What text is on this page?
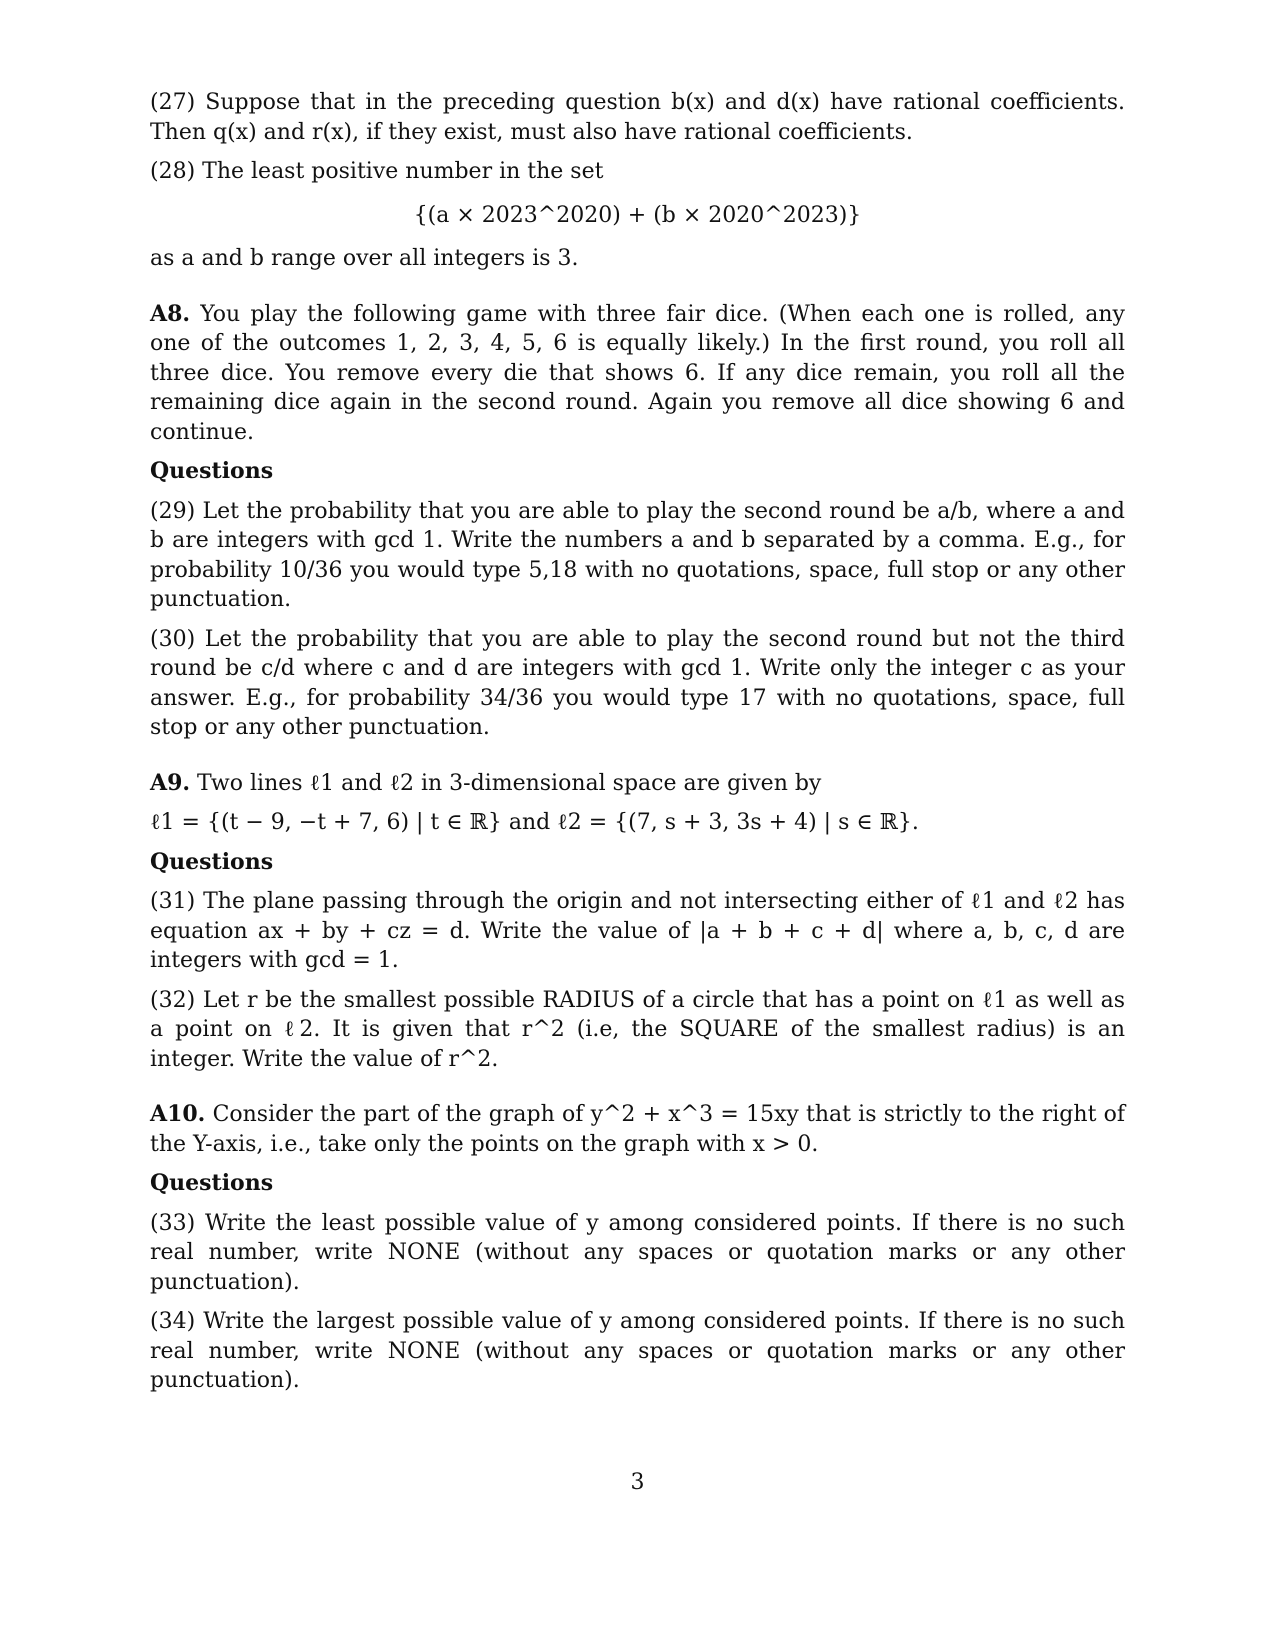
(27) Suppose that in the preceding question b(x) and d(x) have rational coefficients. Then q(x) and r(x), if they exist, must also have rational coefficients.

(28) The least positive number in the set

{(a × 2023^2020) + (b × 2020^2023)}

as a and b range over all integers is 3.

A8. You play the following game with three fair dice. (When each one is rolled, any one of the outcomes 1, 2, 3, 4, 5, 6 is equally likely.) In the first round, you roll all three dice. You remove every die that shows 6. If any dice remain, you roll all the remaining dice again in the second round. Again you remove all dice showing 6 and continue.

Questions

(29) Let the probability that you are able to play the second round be a/b, where a and b are integers with gcd 1. Write the numbers a and b separated by a comma. E.g., for probability 10/36 you would type 5,18 with no quotations, space, full stop or any other punctuation.

(30) Let the probability that you are able to play the second round but not the third round be c/d where c and d are integers with gcd 1. Write only the integer c as your answer. E.g., for probability 34/36 you would type 17 with no quotations, space, full stop or any other punctuation.

A9. Two lines ℓ1 and ℓ2 in 3-dimensional space are given by

ℓ1 = {(t − 9, −t + 7, 6) | t ∈ ℝ} and ℓ2 = {(7, s + 3, 3s + 4) | s ∈ ℝ}.

Questions

(31) The plane passing through the origin and not intersecting either of ℓ1 and ℓ2 has equation ax + by + cz = d. Write the value of |a + b + c + d| where a, b, c, d are integers with gcd = 1.

(32) Let r be the smallest possible RADIUS of a circle that has a point on ℓ1 as well as a point on ℓ2. It is given that r^2 (i.e, the SQUARE of the smallest radius) is an integer. Write the value of r^2.

A10. Consider the part of the graph of y^2 + x^3 = 15xy that is strictly to the right of the Y-axis, i.e., take only the points on the graph with x > 0.

Questions

(33) Write the least possible value of y among considered points. If there is no such real number, write NONE (without any spaces or quotation marks or any other punctuation).

(34) Write the largest possible value of y among considered points. If there is no such real number, write NONE (without any spaces or quotation marks or any other punctuation).

3
